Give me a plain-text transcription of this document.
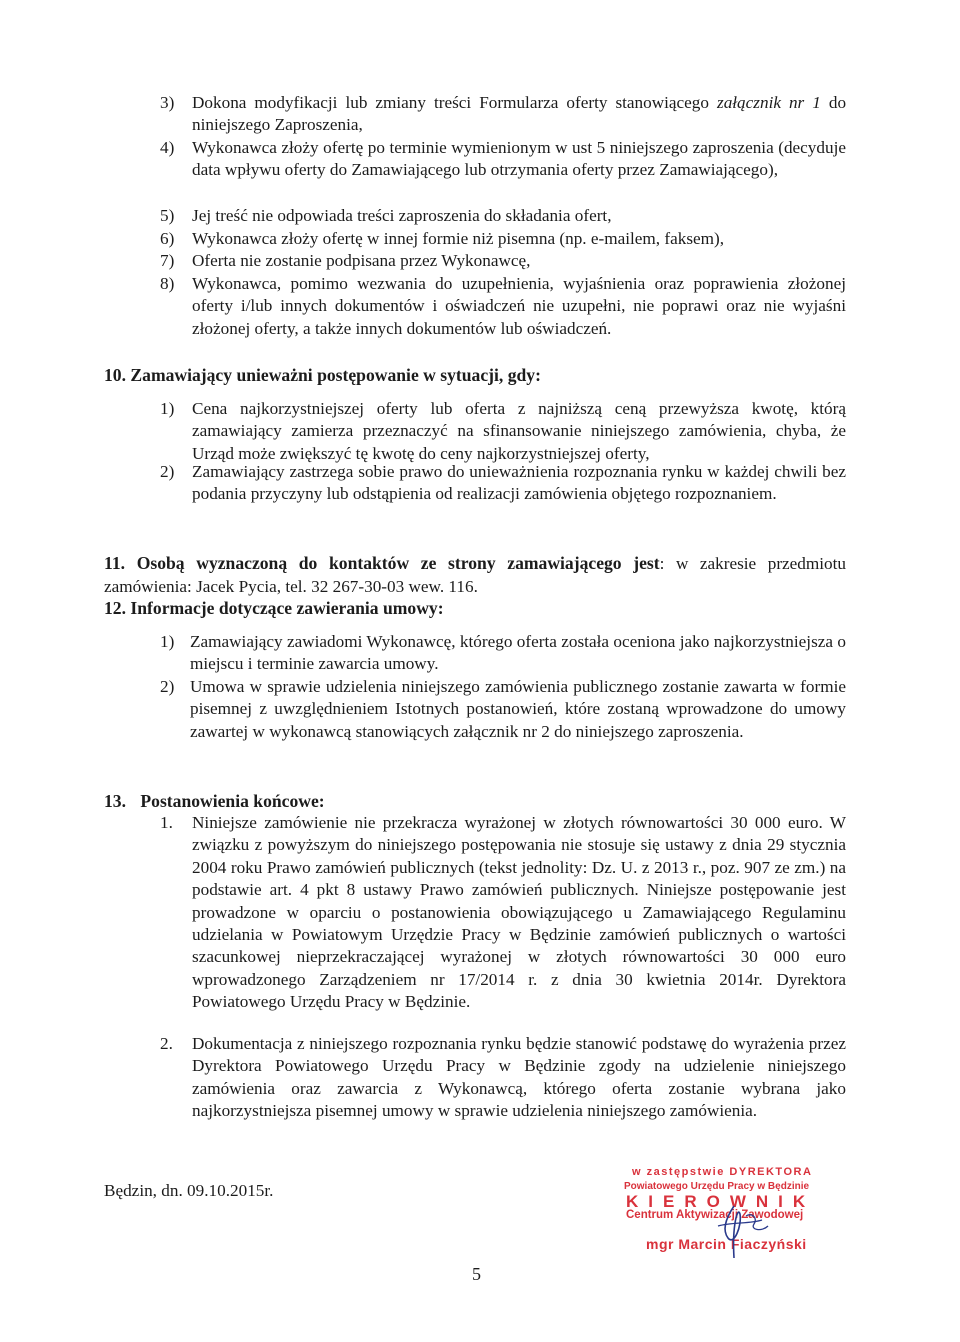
3) Dokona modyfikacji lub zmiany treści Formularza oferty stanowiącego załącznik nr 1 do niniejszego Zaproszenia,
4) Wykonawca złoży ofertę po terminie wymienionym w ust 5 niniejszego zaproszenia (decyduje data wpływu oferty do Zamawiającego lub otrzymania oferty przez Zamawiającego),
5) Jej treść nie odpowiada treści zaproszenia do składania ofert,
6) Wykonawca złoży ofertę w innej formie niż pisemna (np. e-mailem, faksem),
7) Oferta nie zostanie podpisana przez Wykonawcę,
8) Wykonawca, pomimo wezwania do uzupełnienia, wyjaśnienia oraz poprawienia złożonej oferty i/lub innych dokumentów i oświadczeń nie uzupełni, nie poprawi oraz nie wyjaśni złożonej oferty, a także innych dokumentów lub oświadczeń.
10. Zamawiający unieważni postępowanie w sytuacji, gdy:
1) Cena najkorzystniejszej oferty lub oferta z najniższą ceną przewyższa kwotę, którą zamawiający zamierza przeznaczyć na sfinansowanie niniejszego zamówienia, chyba, że Urząd może zwiększyć tę kwotę do ceny najkorzystniejszej oferty,
2) Zamawiający zastrzega sobie prawo do unieważnienia rozpoznania rynku w każdej chwili bez podania przyczyny lub odstąpienia od realizacji zamówienia objętego rozpoznaniem.
11. Osobą wyznaczoną do kontaktów ze strony zamawiającego jest: w zakresie przedmiotu zamówienia: Jacek Pycia, tel. 32 267-30-03 wew. 116.
12. Informacje dotyczące zawierania umowy:
1) Zamawiający zawiadomi Wykonawcę, którego oferta została oceniona jako najkorzystniejsza o miejscu i terminie zawarcia umowy.
2) Umowa w sprawie udzielenia niniejszego zamówienia publicznego zostanie zawarta w formie pisemnej z uwzględnieniem Istotnych postanowień, które zostaną wprowadzone do umowy zawartej w wykonawcą stanowiących załącznik nr 2 do niniejszego zaproszenia.
13. Postanowienia końcowe:
1. Niniejsze zamówienie nie przekracza wyrażonej w złotych równowartości 30 000 euro. W związku z powyższym do niniejszego postępowania nie stosuje się ustawy z dnia 29 stycznia 2004 roku Prawo zamówień publicznych (tekst jednolity: Dz. U. z 2013 r., poz. 907 ze zm.) na podstawie art. 4 pkt 8 ustawy Prawo zamówień publicznych. Niniejsze postępowanie jest prowadzone w oparciu o postanowienia obowiązującego u Zamawiającego Regulaminu udzielania w Powiatowym Urzędzie Pracy w Będzinie zamówień publicznych o wartości szacunkowej nieprzekraczającej wyrażonej w złotych równowartości 30 000 euro wprowadzonego Zarządzeniem nr 17/2014 r. z dnia 30 kwietnia 2014r. Dyrektora Powiatowego Urzędu Pracy w Będzinie.
2. Dokumentacja z niniejszego rozpoznania rynku będzie stanowić podstawę do wyrażenia przez Dyrektora Powiatowego Urzędu Pracy w Będzinie zgody na udzielenie niniejszego zamówienia oraz zawarcia z Wykonawcą, którego oferta zostanie wybrana jako najkorzystniejsza pisemnej umowy w sprawie udzielenia niniejszego zamówienia.
Będzin, dn. 09.10.2015r.
w zastępstwie DYREKTORA
Powiatowego Urzędu Pracy w Będzinie
KIEROWNIK
Centrum Aktywizacji Zawodowej
mgr Marcin Fiaczyński
5
